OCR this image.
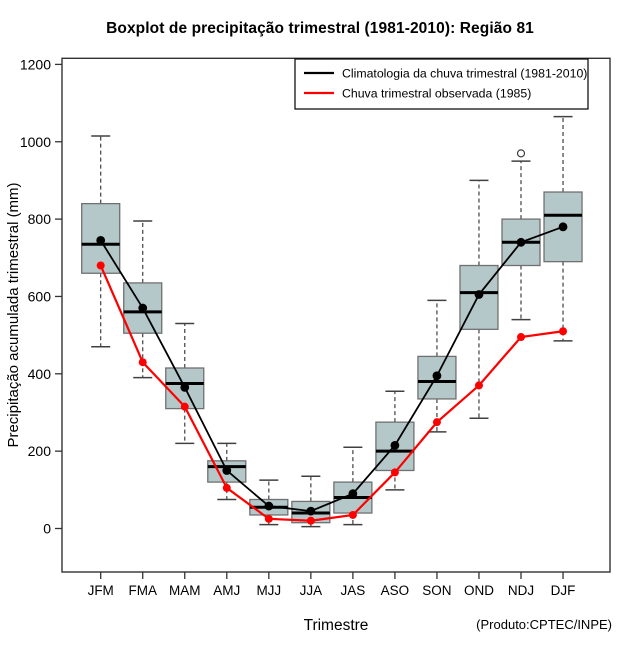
Boxplot de precipitação trimestral (1981-2010): Região 81
0
200
400
600
800
1000
1200
JFM FMA MAM AMJ MJJ JJA JAS ASO SON OND NDJ DJF
Precipitação acumulada trimestral (mm)
Trimestre	(Produto:CPTEC/INPE)
Climatologia da chuva trimestral (1981-2010)
Chuva trimestral observada (1985)
